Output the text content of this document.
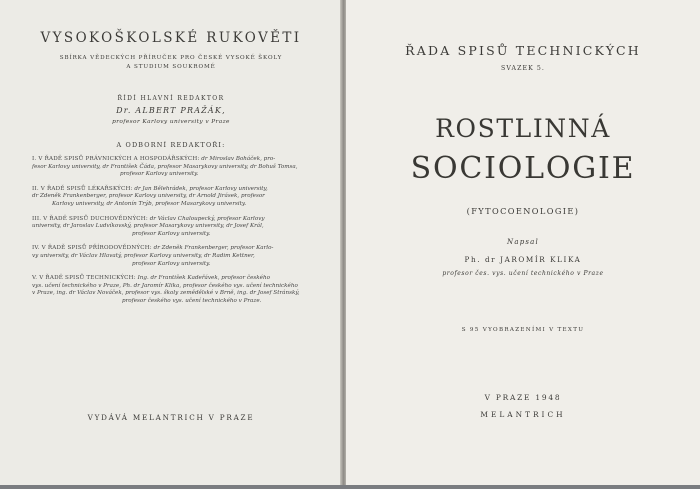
VYSOKOŠKOLSKÉ RUKOVĚTI
SBÍRKA VĚDECKÝCH PŘÍRUČEK PRO ČESKÉ VYSOKÉ ŠKOLY
A STUDIUM SOUKROMÉ
ŘÍDÍ HLAVNÍ REDAKTOR
Dr. ALBERT PRAŽÁK,
profesor Karlovy university v Praze
A ODBORNÍ REDAKTOŘI:

I. V ŘADĚ SPISŮ PRÁVNICKÝCH A HOSPODÁŘSKÝCH: dr Miroslav Boháček, pro-
fesor Karlovy university, dr František Čáda, profesor Masarykovy university, dr Bohuš Tomsa,
profesor Karlovy university.

II. V ŘADĚ SPISŮ LÉKAŘSKÝCH: dr Jan Bělehrádek, profesor Karlovy university,
dr Zdeněk Frankenberger, profesor Karlovy university, dr Arnold Jirásek, profesor
Karlovy university, dr Antonín Trýb, profesor Masarykovy university.

III. V ŘADĚ SPISŮ DUCHOVĚDNÝCH: dr Václav Chaloupecký, profesor Karlovy
university, dr Jaroslav Ludvíkovský, profesor Masarykovy university, dr Josef Král,
profesor Karlovy university.

IV. V ŘADĚ SPISŮ PŘÍRODOVĚDNÝCH: dr Zdeněk Frankenberger, profesor Karlo-
vy university, dr Václav Hlavatý, profesor Karlovy university, dr Radim Kettner,
profesor Karlovy university.

V. V ŘADĚ SPISŮ TECHNICKÝCH: Ing. dr František Kadeřávek, profesor českého
vys. učení technického v Praze, Ph. dr Jaromír Klika, profesor českého vys. učení technického
v Praze, ing. dr Václav Nováček, profesor vys. školy zemědělské v Brně, ing. dr Josef Stránský,
profesor českého vys. učení technického v Praze.

VYDÁVÁ MELANTRICH V PRAZE
ŘADA SPISŮ TECHNICKÝCH
SVAZEK 5.
ROSTLINNÁ
SOCIOLOGIE
(FYTOCOENOLOGIE)
Napsal
Ph. dr JAROMÍR KLIKA
profesor čes. vys. učení technického v Praze
S 95 VYOBRAZENÍMI V TEXTU
V PRAZE 1948
MELANTRICH
